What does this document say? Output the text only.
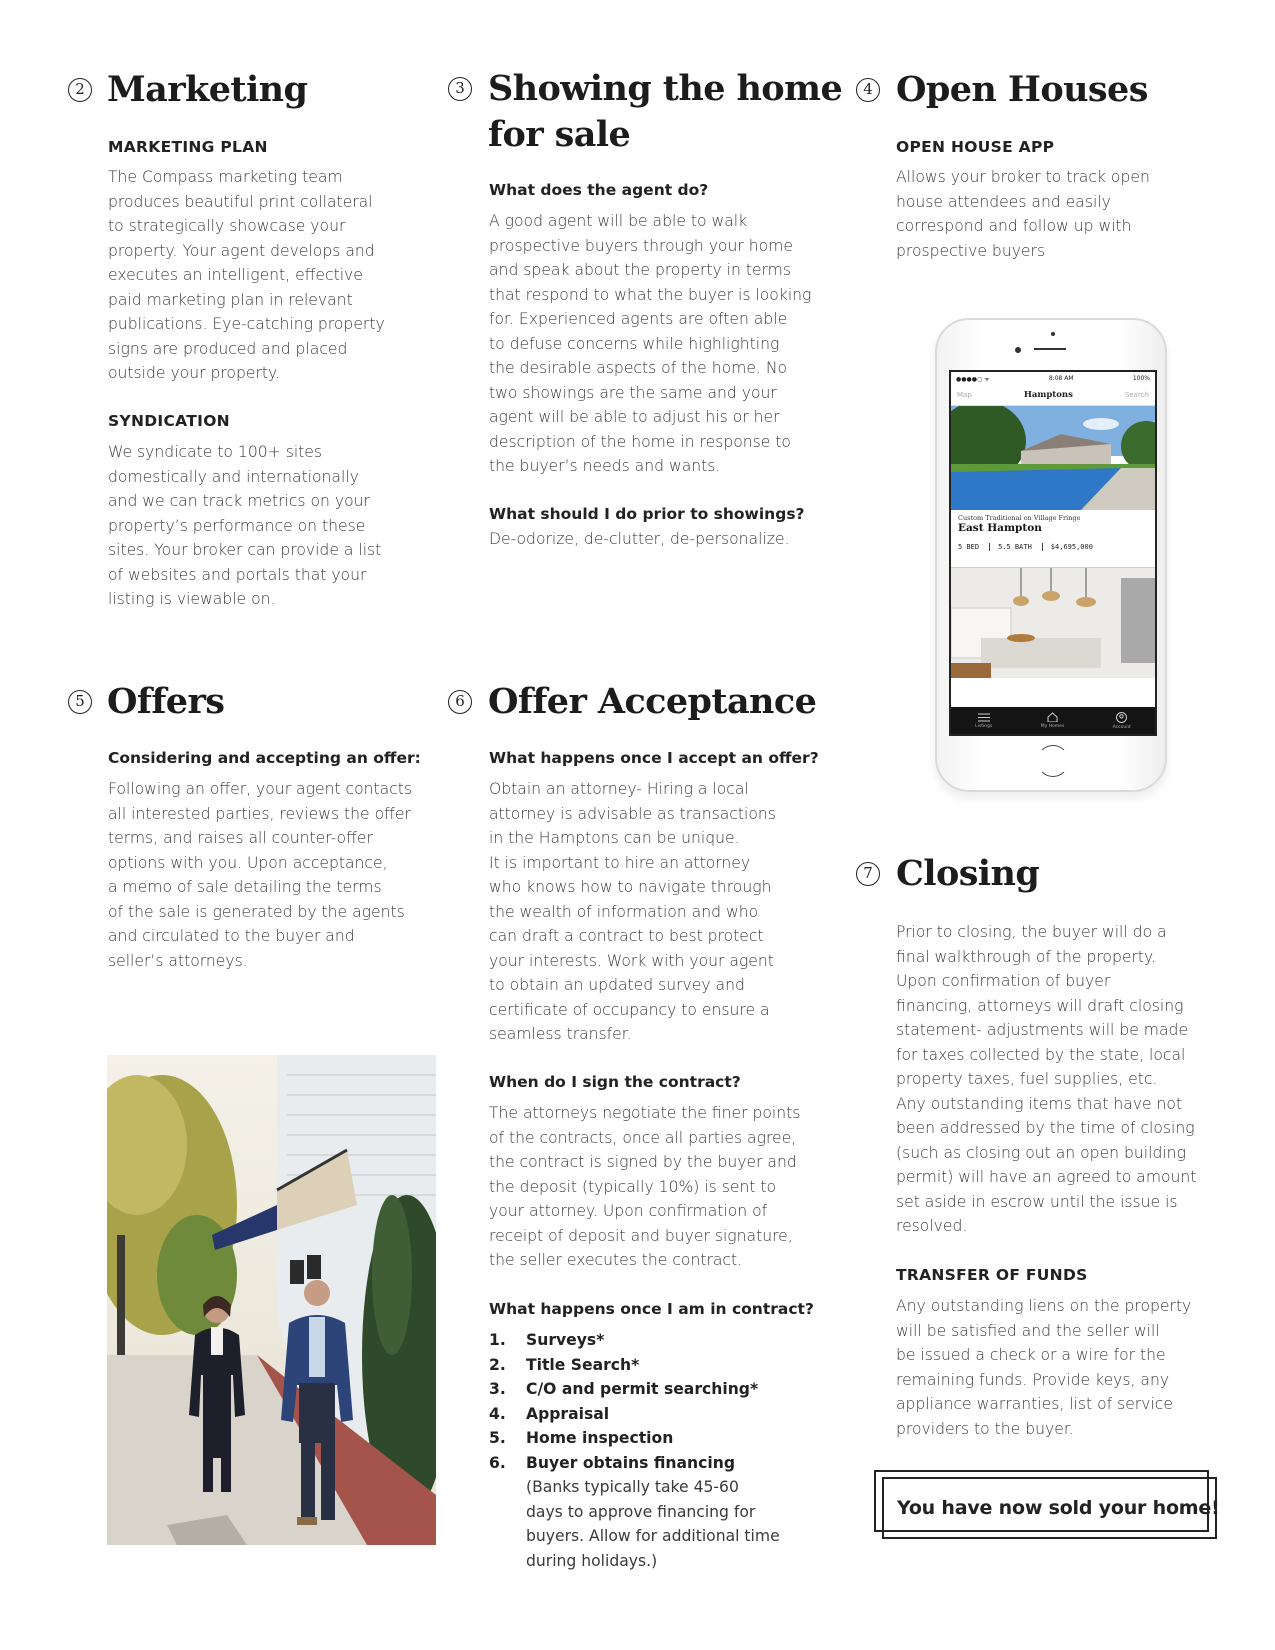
2 Marketing
MARKETING PLAN
The Compass marketing team
produces beautiful print collateral
to strategically showcase your
property. Your agent develops and
executes an intelligent, effective
paid marketing plan in relevant
publications. Eye-catching property
signs are produced and placed
outside your property.
SYNDICATION
We syndicate to 100+ sites
domestically and internationally
and we can track metrics on your
property’s performance on these
sites. Your broker can provide a list
of websites and portals that your
listing is viewable on.
5 Offers
Considering and accepting an offer:
Following an offer, your agent contacts
all interested parties, reviews the offer
terms, and raises all counter-offer
options with you. Upon acceptance,
a memo of sale detailing the terms
of the sale is generated by the agents
and circulated to the buyer and
seller’s attorneys.
3 Showing the home
for sale
What does the agent do?
A good agent will be able to walk
prospective buyers through your home
and speak about the property in terms
that respond to what the buyer is looking
for. Experienced agents are often able
to defuse concerns while highlighting
the desirable aspects of the home. No
two showings are the same and your
agent will be able to adjust his or her
description of the home in response to
the buyer’s needs and wants.
What should I do prior to showings?
De-odorize, de-clutter, de-personalize.
6 Offer Acceptance
What happens once I accept an offer?
Obtain an attorney- Hiring a local
attorney is advisable as transactions
in the Hamptons can be unique.
It is important to hire an attorney
who knows how to navigate through
the wealth of information and who
can draft a contract to best protect
your interests. Work with your agent
to obtain an updated survey and
certificate of occupancy to ensure a
seamless transfer.
When do I sign the contract?
The attorneys negotiate the finer points
of the contracts, once all parties agree,
the contract is signed by the buyer and
the deposit (typically 10%) is sent to
your attorney. Upon confirmation of
receipt of deposit and buyer signature,
the seller executes the contract.
What happens once I am in contract?
1.	Surveys*
2.	Title Search*
3.	C/O and permit searching*
4.	Appraisal
5.	Home inspection
6.	Buyer obtains financing
(Banks typically take 45-60
days to approve financing for
buyers. Allow for additional time
during holidays.)
4 Open Houses
OPEN HOUSE APP
Allows your broker to track open
house attendees and easily
correspond and follow up with
prospective buyers
●●●●○ ᯤ	8:08 AM	100%
Map	Hamptons	Search
Custom Traditional on Village Fringe
East Hampton
5 BED	5.5 BATH	$4,695,000
Listings	My Homes	Account
7 Closing
Prior to closing, the buyer will do a
final walkthrough of the property.
Upon confirmation of buyer
financing, attorneys will draft closing
statement- adjustments will be made
for taxes collected by the state, local
property taxes, fuel supplies, etc.
Any outstanding items that have not
been addressed by the time of closing
(such as closing out an open building
permit) will have an agreed to amount
set aside in escrow until the issue is
resolved.
TRANSFER OF FUNDS
Any outstanding liens on the property
will be satisfied and the seller will
be issued a check or a wire for the
remaining funds. Provide keys, any
appliance warranties, list of service
providers to the buyer.
You have now sold your home!
